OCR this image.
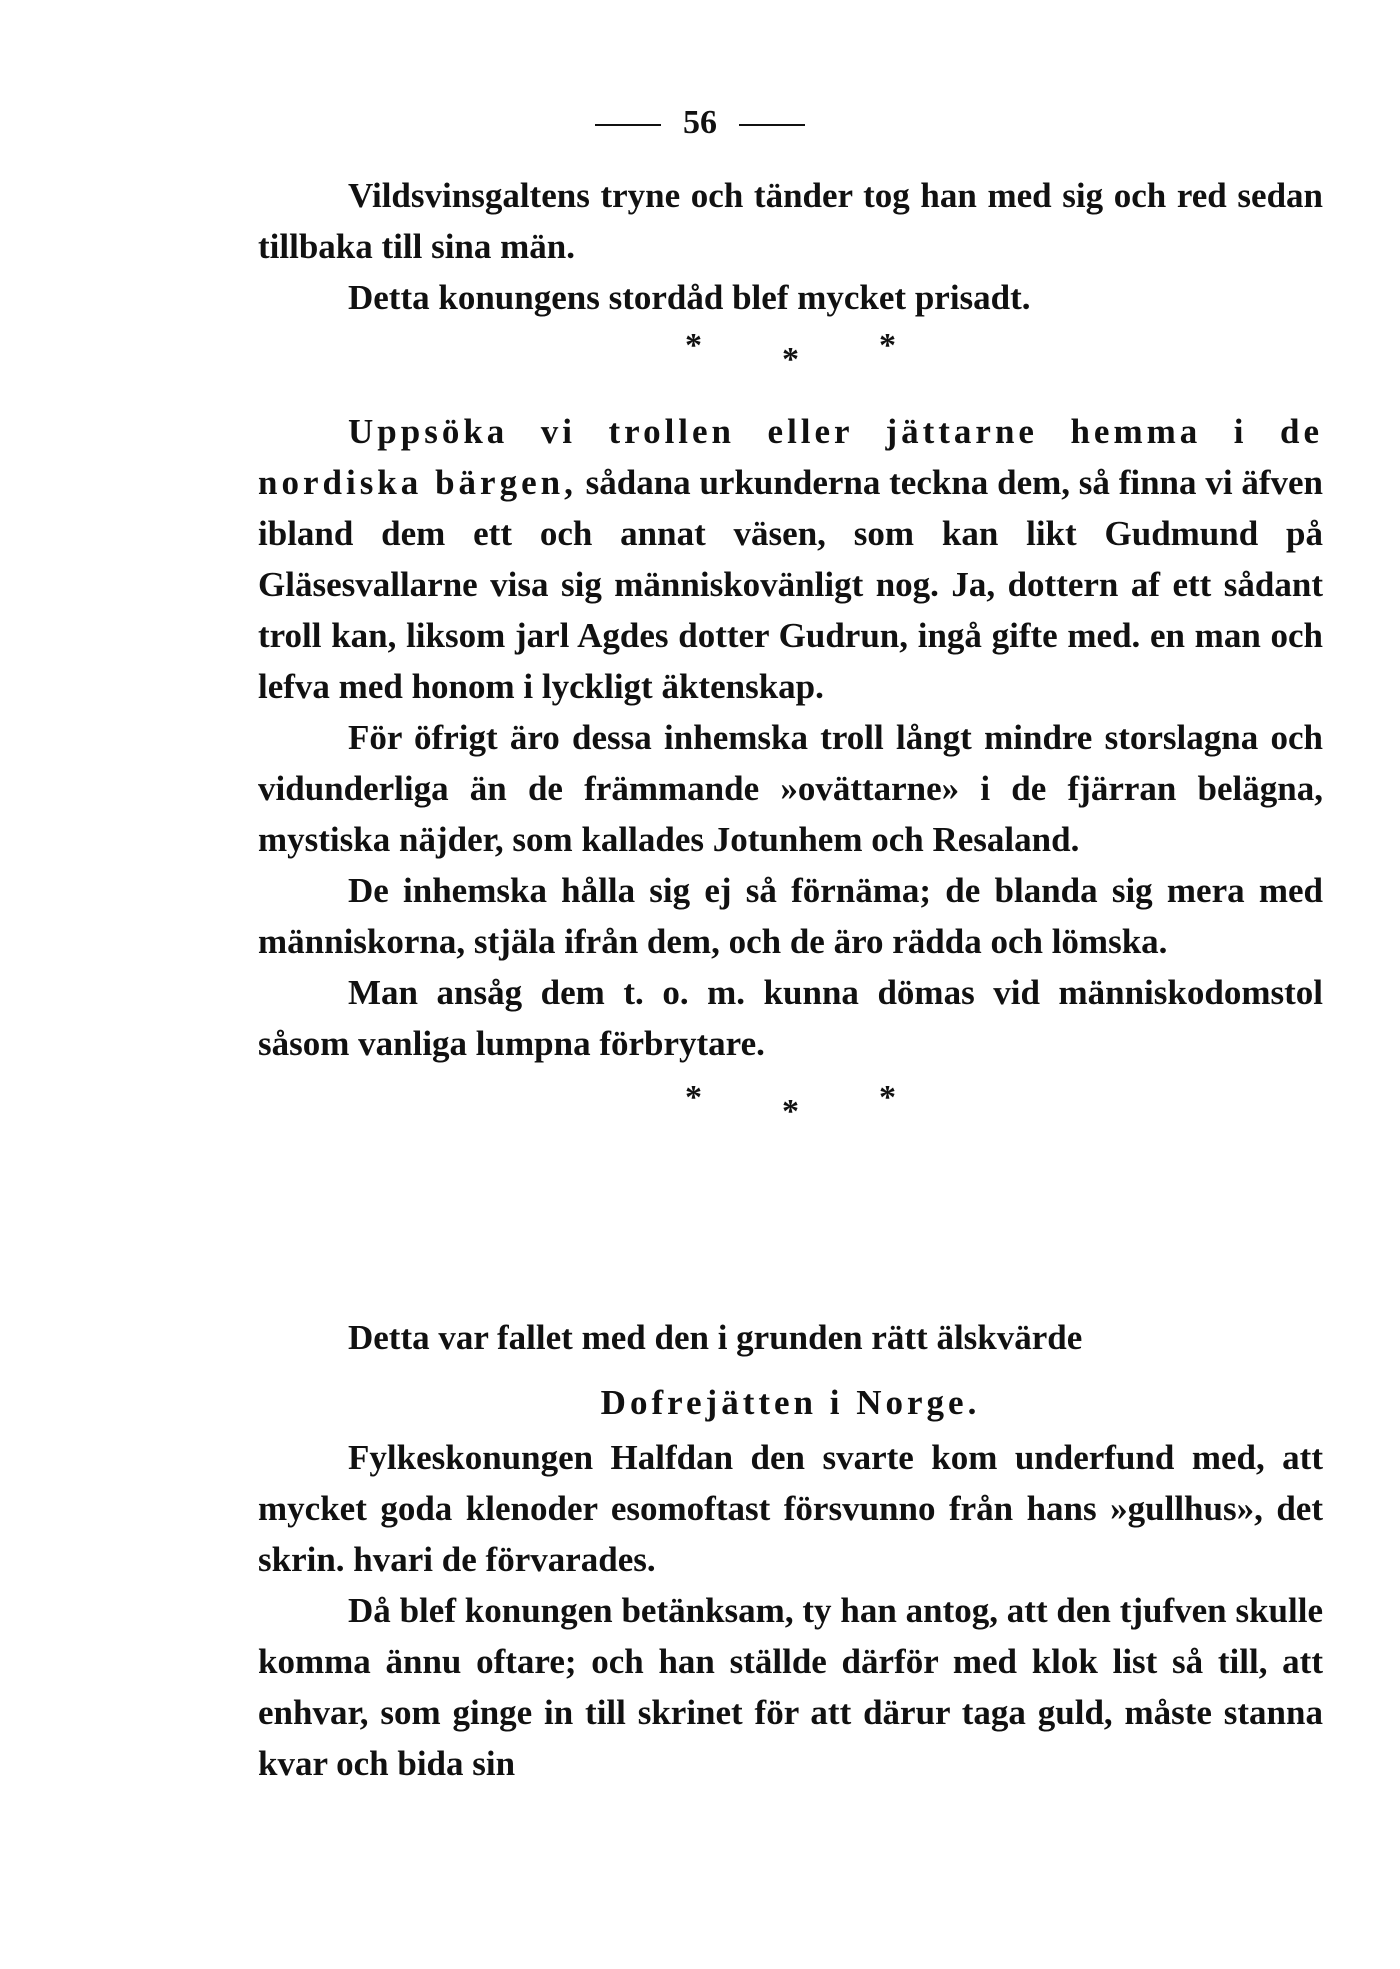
56

Vildsvinsgaltens tryne och tänder tog han med sig och red sedan tillbaka till sina män.

Detta konungens stordåd blef mycket prisadt.

* * *

Uppsöka vi trollen eller jättarne hemma i de nordiska bärgen, sådana urkunderna teckna dem, så finna vi äfven ibland dem ett och annat väsen, som kan likt Gudmund på Gläsesvallarne visa sig människovänligt nog. Ja, dottern af ett sådant troll kan, liksom jarl Agdes dotter Gudrun, ingå gifte med. en man och lefva med honom i lyckligt äktenskap.

För öfrigt äro dessa inhemska troll långt mindre storslagna och vidunderliga än de främmande »ovättarne» i de fjärran belägna, mystiska näjder, som kallades Jotunhem och Resaland.

De inhemska hålla sig ej så förnäma; de blanda sig mera med människorna, stjäla ifrån dem, och de äro rädda och lömska.

Man ansåg dem t. o. m. kunna dömas vid människodomstol såsom vanliga lumpna förbrytare.

* * *

Detta var fallet med den i grunden rätt älskvärde

Dofrejätten i Norge.

Fylkeskonungen Halfdan den svarte kom underfund med, att mycket goda klenoder esomoftast försvunno från hans »gullhus», det skrin. hvari de förvarades.

Då blef konungen betänksam, ty han antog, att den tjufven skulle komma ännu oftare; och han ställde därför med klok list så till, att enhvar, som ginge in till skrinet för att därur taga guld, måste stanna kvar och bida sin
